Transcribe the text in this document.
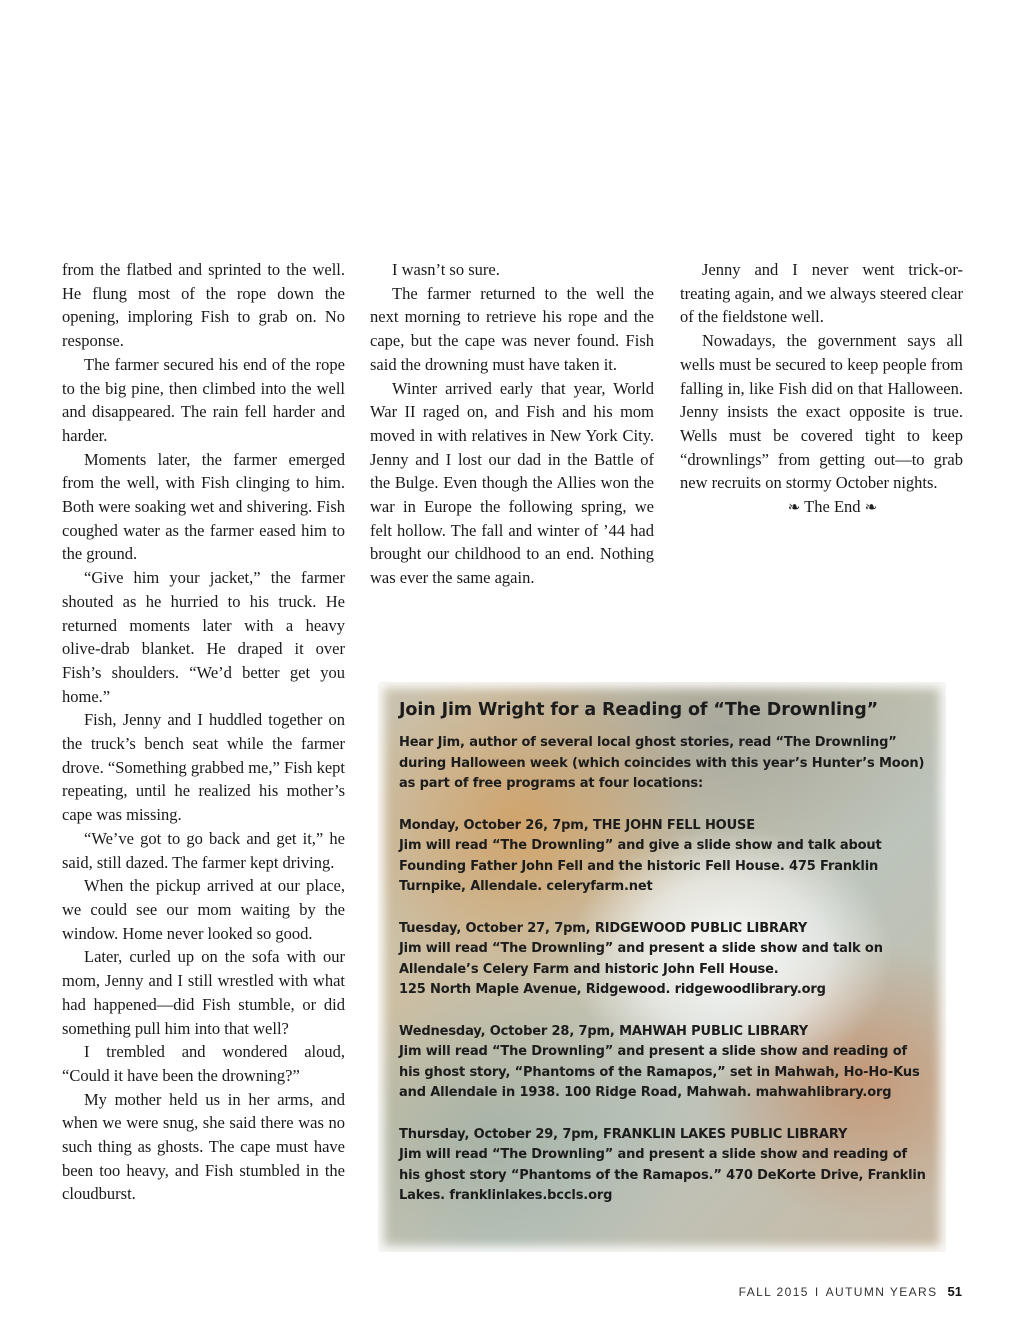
from the flatbed and sprinted to the well. He flung most of the rope down the opening, imploring Fish to grab on. No response.

The farmer secured his end of the rope to the big pine, then climbed into the well and disappeared. The rain fell harder and harder.

Moments later, the farmer emerged from the well, with Fish clinging to him. Both were soaking wet and shivering. Fish coughed water as the farmer eased him to the ground.

“Give him your jacket,” the farmer shouted as he hurried to his truck. He returned moments later with a heavy olive-drab blanket. He draped it over Fish’s shoulders. “We’d better get you home.”

Fish, Jenny and I huddled together on the truck’s bench seat while the farmer drove. “Something grabbed me,” Fish kept repeating, until he realized his mother’s cape was missing.

“We’ve got to go back and get it,” he said, still dazed. The farmer kept driving.

When the pickup arrived at our place, we could see our mom waiting by the window. Home never looked so good.

Later, curled up on the sofa with our mom, Jenny and I still wrestled with what had happened—did Fish stumble, or did something pull him into that well?

I trembled and wondered aloud, “Could it have been the drowning?”

My mother held us in her arms, and when we were snug, she said there was no such thing as ghosts. The cape must have been too heavy, and Fish stumbled in the cloudburst.

I wasn’t so sure.

The farmer returned to the well the next morning to retrieve his rope and the cape, but the cape was never found. Fish said the drowning must have taken it.

Winter arrived early that year, World War II raged on, and Fish and his mom moved in with relatives in New York City. Jenny and I lost our dad in the Battle of the Bulge. Even though the Allies won the war in Europe the following spring, we felt hollow. The fall and winter of ’44 had brought our childhood to an end. Nothing was ever the same again.

Jenny and I never went trick-or-treating again, and we always steered clear of the fieldstone well.

Nowadays, the government says all wells must be secured to keep people from falling in, like Fish did on that Halloween. Jenny insists the exact opposite is true. Wells must be covered tight to keep “drownlings” from getting out—to grab new recruits on stormy October nights.

❧ The End ❧

Join Jim Wright for a Reading of “The Drownling”

Hear Jim, author of several local ghost stories, read “The Drownling” during Halloween week (which coincides with this year’s Hunter’s Moon) as part of free programs at four locations:

Monday, October 26, 7pm, THE JOHN FELL HOUSE

Jim will read “The Drownling” and give a slide show and talk about Founding Father John Fell and the historic Fell House. 475 Franklin Turnpike, Allendale. celeryfarm.net

Tuesday, October 27, 7pm, RIDGEWOOD PUBLIC LIBRARY

Jim will read “The Drownling” and present a slide show and talk on Allendale’s Celery Farm and historic John Fell House.

125 North Maple Avenue, Ridgewood. ridgewoodlibrary.org

Wednesday, October 28, 7pm, MAHWAH PUBLIC LIBRARY

Jim will read “The Drownling” and present a slide show and reading of his ghost story, “Phantoms of the Ramapos,” set in Mahwah, Ho-Ho-Kus and Allendale in 1938. 100 Ridge Road, Mahwah. mahwahlibrary.org

Thursday, October 29, 7pm, FRANKLIN LAKES PUBLIC LIBRARY

Jim will read “The Drownling” and present a slide show and reading of his ghost story “Phantoms of the Ramapos.” 470 DeKorte Drive, Franklin Lakes. franklinlakes.bccls.org

FALL 2015 I AUTUMN YEARS 51
